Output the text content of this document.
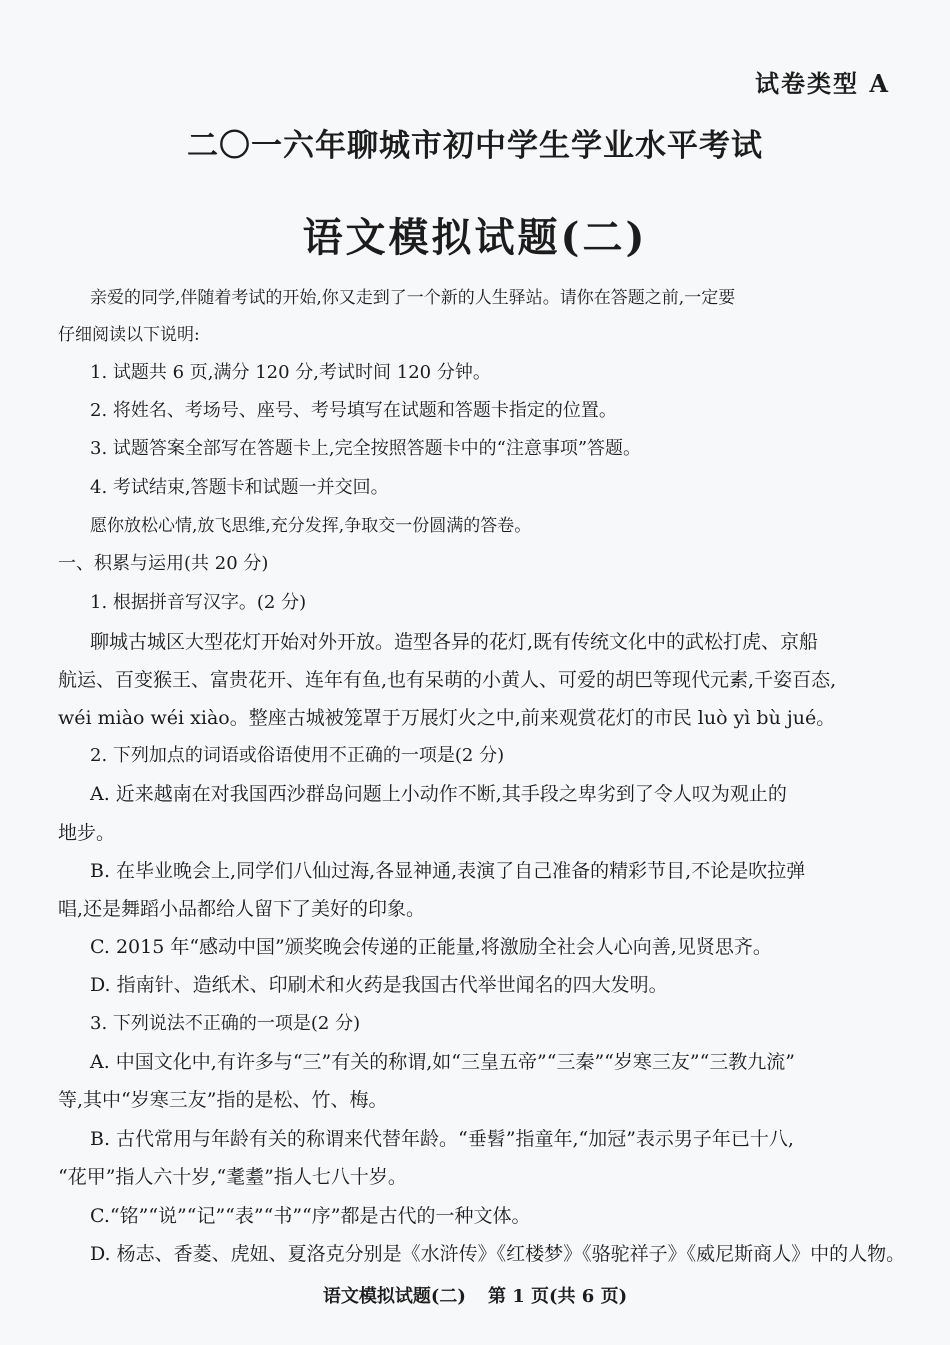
试卷类型 A
二〇一六年聊城市初中学生学业水平考试
语文模拟试题(二)
亲爱的同学,伴随着考试的开始,你又走到了一个新的人生驿站。请你在答题之前,一定要
仔细阅读以下说明:
1. 试题共 6 页,满分 120 分,考试时间 120 分钟。
2. 将姓名、考场号、座号、考号填写在试题和答题卡指定的位置。
3. 试题答案全部写在答题卡上,完全按照答题卡中的“注意事项”答题。
4. 考试结束,答题卡和试题一并交回。
愿你放松心情,放飞思维,充分发挥,争取交一份圆满的答卷。
一、积累与运用(共 20 分)
1. 根据拼音写汉字。(2 分)
聊城古城区大型花灯开始对外开放。造型各异的花灯,既有传统文化中的武松打虎、京船
航运、百变猴王、富贵花开、连年有鱼,也有呆萌的小黄人、可爱的胡巴等现代元素,千姿百态,
wéi miào wéi xiào。整座古城被笼罩于万展灯火之中,前来观赏花灯的市民 luò yì bù jué。
2. 下列加点的词语或俗语使用不正确的一项是(2 分)
A. 近来越南在对我国西沙群岛问题上小动作不断,其手段之卑劣到了令人叹为观止的
地步。
B. 在毕业晚会上,同学们八仙过海,各显神通,表演了自己准备的精彩节目,不论是吹拉弹
唱,还是舞蹈小品都给人留下了美好的印象。
C. 2015 年“感动中国”颁奖晚会传递的正能量,将激励全社会人心向善,见贤思齐。
D. 指南针、造纸术、印刷术和火药是我国古代举世闻名的四大发明。
3. 下列说法不正确的一项是(2 分)
A. 中国文化中,有许多与“三”有关的称谓,如“三皇五帝”“三秦”“岁寒三友”“三教九流”
等,其中“岁寒三友”指的是松、竹、梅。
B. 古代常用与年龄有关的称谓来代替年龄。“垂髫”指童年,“加冠”表示男子年已十八,
“花甲”指人六十岁,“耄耋”指人七八十岁。
C.“铭”“说”“记”“表”“书”“序”都是古代的一种文体。
D. 杨志、香菱、虎妞、夏洛克分别是《水浒传》《红楼梦》《骆驼祥子》《威尼斯商人》中的人物。
语文模拟试题(二) 第 1 页(共 6 页)
